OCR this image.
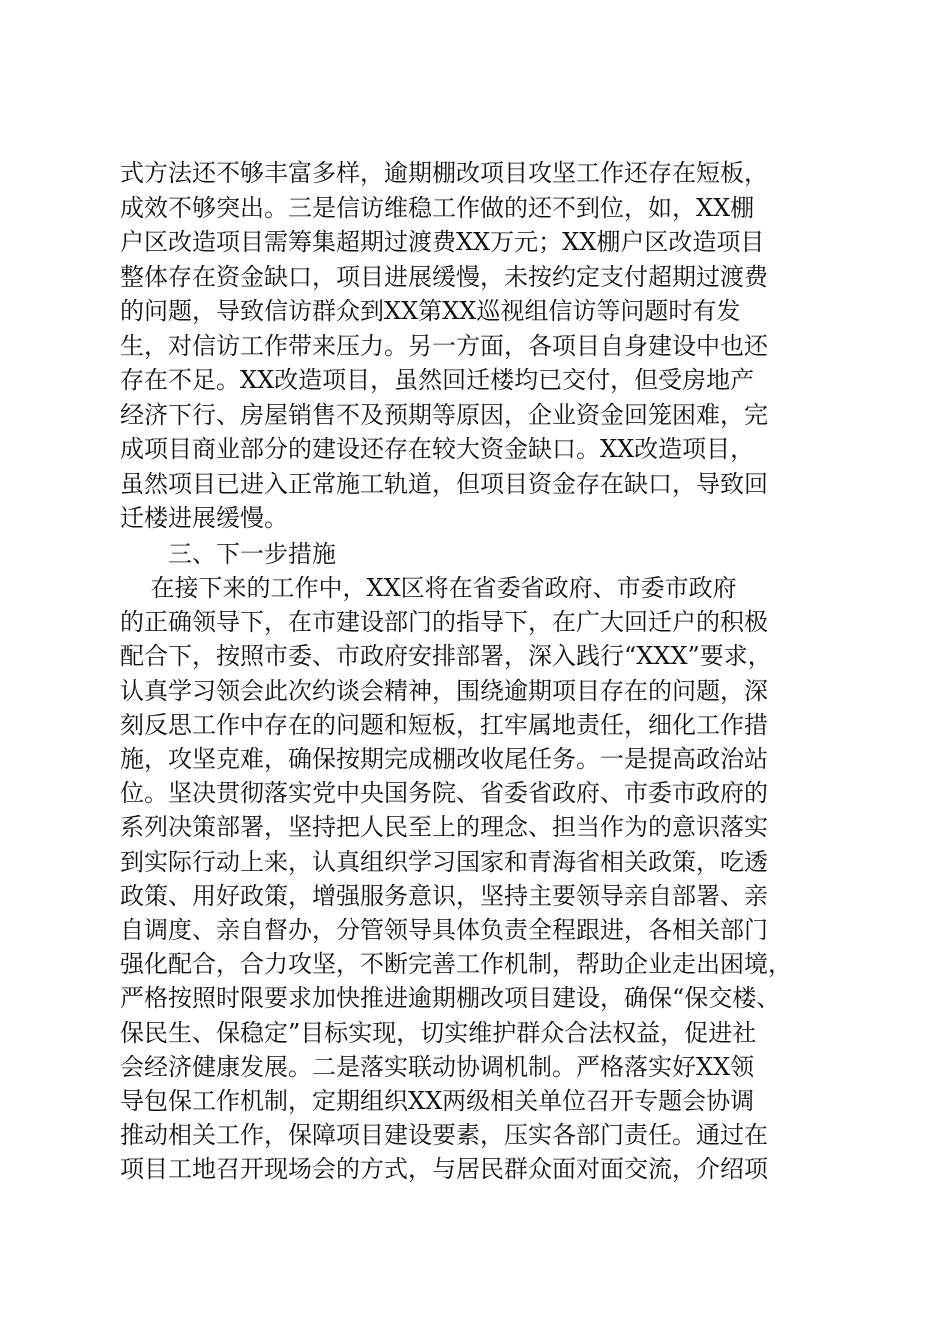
式方法还不够丰富多样，逾期棚改项目攻坚工作还存在短板，
成效不够突出。三是信访维稳工作做的还不到位，如，XX棚
户区改造项目需筹集超期过渡费XX万元；XX棚户区改造项目
整体存在资金缺口，项目进展缓慢，未按约定支付超期过渡费
的问题，导致信访群众到XX第XX巡视组信访等问题时有发
生，对信访工作带来压力。另一方面，各项目自身建设中也还
存在不足。XX改造项目，虽然回迁楼均已交付，但受房地产
经济下行、房屋销售不及预期等原因，企业资金回笼困难，完
成项目商业部分的建设还存在较大资金缺口。XX改造项目，
虽然项目已进入正常施工轨道，但项目资金存在缺口，导致回
迁楼进展缓慢。
三、下一步措施
在接下来的工作中，XX区将在省委省政府、市委市政府
的正确领导下，在市建设部门的指导下，在广大回迁户的积极
配合下，按照市委、市政府安排部署，深入践行“XXX”要求，
认真学习领会此次约谈会精神，围绕逾期项目存在的问题，深
刻反思工作中存在的问题和短板，扛牢属地责任，细化工作措
施，攻坚克难，确保按期完成棚改收尾任务。一是提高政治站
位。坚决贯彻落实党中央国务院、省委省政府、市委市政府的
系列决策部署，坚持把人民至上的理念、担当作为的意识落实
到实际行动上来，认真组织学习国家和青海省相关政策，吃透
政策、用好政策，增强服务意识，坚持主要领导亲自部署、亲
自调度、亲自督办，分管领导具体负责全程跟进，各相关部门
强化配合，合力攻坚，不断完善工作机制，帮助企业走出困境，
严格按照时限要求加快推进逾期棚改项目建设，确保“保交楼、
保民生、保稳定”目标实现，切实维护群众合法权益，促进社
会经济健康发展。二是落实联动协调机制。严格落实好XX领
导包保工作机制，定期组织XX两级相关单位召开专题会协调
推动相关工作，保障项目建设要素，压实各部门责任。通过在
项目工地召开现场会的方式，与居民群众面对面交流，介绍项
